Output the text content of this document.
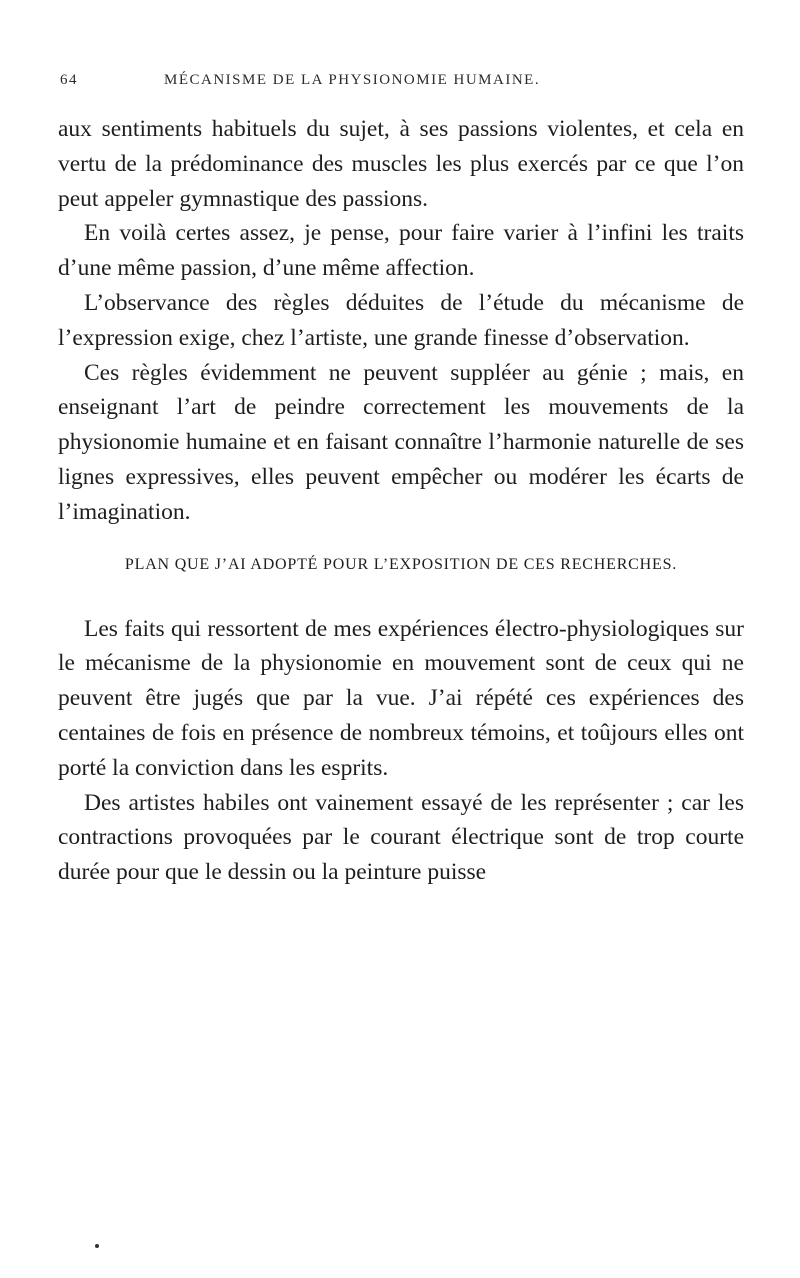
64	MÉCANISME DE LA PHYSIONOMIE HUMAINE.

aux sentiments habituels du sujet, à ses passions violentes, et cela en vertu de la prédominance des muscles les plus exercés par ce que l’on peut appeler gymnastique des passions.

En voilà certes assez, je pense, pour faire varier à l’infini les traits d’une même passion, d’une même affection.

L’observance des règles déduites de l’étude du mécanisme de l’expression exige, chez l’artiste, une grande finesse d’observation.

Ces règles évidemment ne peuvent suppléer au génie ; mais, en enseignant l’art de peindre correctement les mouvements de la physionomie humaine et en faisant connaître l’harmonie naturelle de ses lignes expressives, elles peuvent empêcher ou modérer les écarts de l’imagination.

PLAN QUE J’AI ADOPTÉ POUR L’EXPOSITION DE CES RECHERCHES.

Les faits qui ressortent de mes expériences électro-physiologiques sur le mécanisme de la physionomie en mouvement sont de ceux qui ne peuvent être jugés que par la vue. J’ai répété ces expériences des centaines de fois en présence de nombreux témoins, et toûjours elles ont porté la conviction dans les esprits.

Des artistes habiles ont vainement essayé de les représenter ; car les contractions provoquées par le courant électrique sont de trop courte durée pour que le dessin ou la peinture puisse
